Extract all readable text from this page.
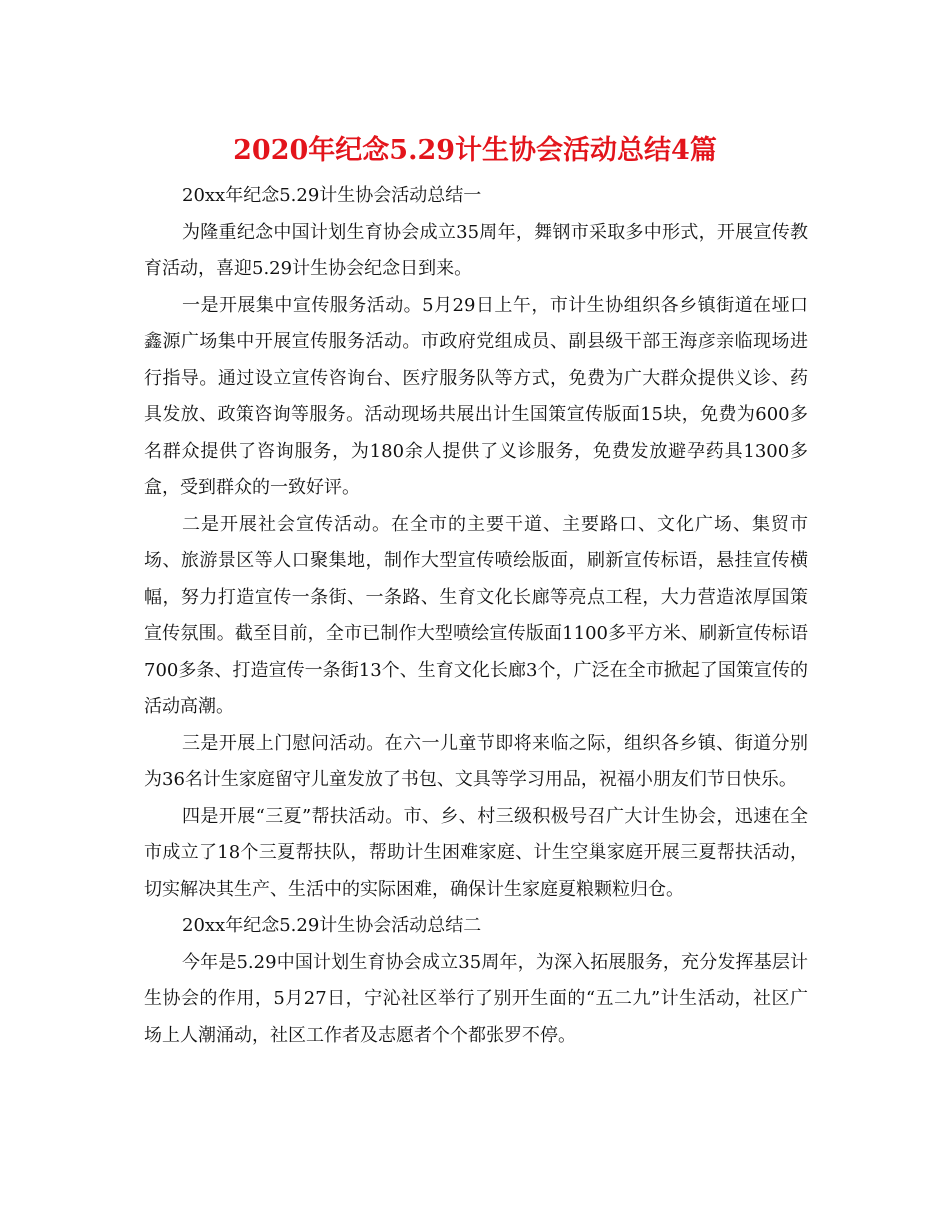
2020年纪念5.29计生协会活动总结4篇

20xx年纪念5.29计生协会活动总结一

为隆重纪念中国计划生育协会成立35周年，舞钢市采取多中形式，开展宣传教育活动，喜迎5.29计生协会纪念日到来。

一是开展集中宣传服务活动。5月29日上午，市计生协组织各乡镇街道在垭口鑫源广场集中开展宣传服务活动。市政府党组成员、副县级干部王海彦亲临现场进行指导。通过设立宣传咨询台、医疗服务队等方式，免费为广大群众提供义诊、药具发放、政策咨询等服务。活动现场共展出计生国策宣传版面15块，免费为600多名群众提供了咨询服务，为180余人提供了义诊服务，免费发放避孕药具1300多盒，受到群众的一致好评。

二是开展社会宣传活动。在全市的主要干道、主要路口、文化广场、集贸市场、旅游景区等人口聚集地，制作大型宣传喷绘版面，刷新宣传标语，悬挂宣传横幅，努力打造宣传一条街、一条路、生育文化长廊等亮点工程，大力营造浓厚国策宣传氛围。截至目前，全市已制作大型喷绘宣传版面1100多平方米、刷新宣传标语700多条、打造宣传一条街13个、生育文化长廊3个，广泛在全市掀起了国策宣传的活动高潮。

三是开展上门慰问活动。在六一儿童节即将来临之际，组织各乡镇、街道分别为36名计生家庭留守儿童发放了书包、文具等学习用品，祝福小朋友们节日快乐。

四是开展“三夏”帮扶活动。市、乡、村三级积极号召广大计生协会，迅速在全市成立了18个三夏帮扶队，帮助计生困难家庭、计生空巢家庭开展三夏帮扶活动，切实解决其生产、生活中的实际困难，确保计生家庭夏粮颗粒归仓。

20xx年纪念5.29计生协会活动总结二

今年是5.29中国计划生育协会成立35周年，为深入拓展服务，充分发挥基层计生协会的作用，5月27日，宁沁社区举行了别开生面的“五二九”计生活动，社区广场上人潮涌动，社区工作者及志愿者个个都张罗不停。
